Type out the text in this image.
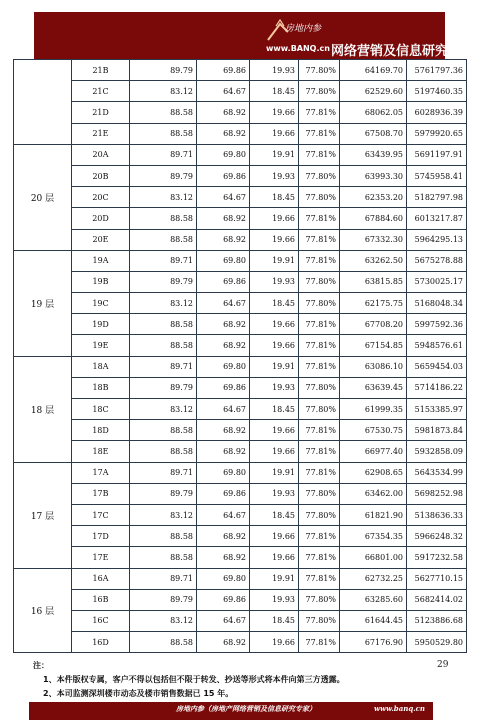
房地内参
www.BANQ.cn 网络营销及信息研究专家
	21B	89.79	69.86	19.93	77.80%	64169.70	5761797.36
	21C	83.12	64.67	18.45	77.80%	62529.60	5197460.35
	21D	88.58	68.92	19.66	77.81%	68062.05	6028936.39
	21E	88.58	68.92	19.66	77.81%	67508.70	5979920.65
20 层	20A	89.71	69.80	19.91	77.81%	63439.95	5691197.91
	20B	89.79	69.86	19.93	77.80%	63993.30	5745958.41
	20C	83.12	64.67	18.45	77.80%	62353.20	5182797.98
	20D	88.58	68.92	19.66	77.81%	67884.60	6013217.87
	20E	88.58	68.92	19.66	77.81%	67332.30	5964295.13
19 层	19A	89.71	69.80	19.91	77.81%	63262.50	5675278.88
	19B	89.79	69.86	19.93	77.80%	63815.85	5730025.17
	19C	83.12	64.67	18.45	77.80%	62175.75	5168048.34
	19D	88.58	68.92	19.66	77.81%	67708.20	5997592.36
	19E	88.58	68.92	19.66	77.81%	67154.85	5948576.61
18 层	18A	89.71	69.80	19.91	77.81%	63086.10	5659454.03
	18B	89.79	69.86	19.93	77.80%	63639.45	5714186.22
	18C	83.12	64.67	18.45	77.80%	61999.35	5153385.97
	18D	88.58	68.92	19.66	77.81%	67530.75	5981873.84
	18E	88.58	68.92	19.66	77.81%	66977.40	5932858.09
17 层	17A	89.71	69.80	19.91	77.81%	62908.65	5643534.99
	17B	89.79	69.86	19.93	77.80%	63462.00	5698252.98
	17C	83.12	64.67	18.45	77.80%	61821.90	5138636.33
	17D	88.58	68.92	19.66	77.81%	67354.35	5966248.32
	17E	88.58	68.92	19.66	77.81%	66801.00	5917232.58
16 层	16A	89.71	69.80	19.91	77.81%	62732.25	5627710.15
	16B	89.79	69.86	19.93	77.80%	63285.60	5682414.02
	16C	83.12	64.67	18.45	77.80%	61644.45	5123886.68
	16D	88.58	68.92	19.66	77.81%	67176.90	5950529.80
注：	29
1、本件版权专属，客户不得以包括但不限于转发、抄送等形式将本件向第三方透露。
2、本司监测深圳楼市动态及楼市销售数据已 15 年。
房地内参（房地产网络营销及信息研究专家）	www.banq.cn
